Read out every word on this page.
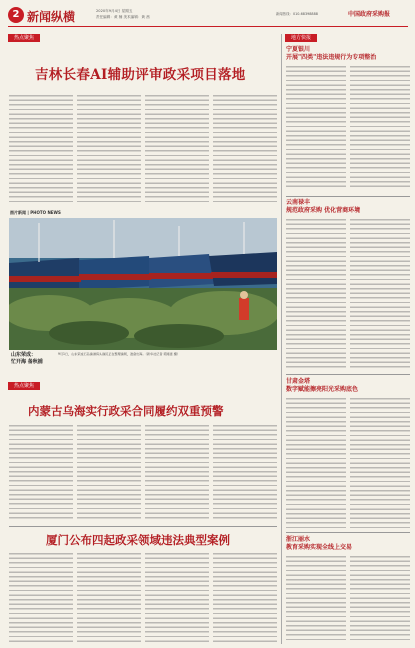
2 新闻纵横	2020年9月4日 星期五
责任编辑：黄 楠 美术编辑：黄 茜
新闻热线：010-68398888	中国政府采购报
热点聚焦
吉林长春AI辅助评审政采项目落地
图片新闻 | PHOTO NEWS
山东荣成：
忙开海 备秋捕
9月1日，山东荣成石岛渔港码头渔民正在整理渔网，准备出海。（新华社记者 郭绪雷 摄）
热点聚焦
内蒙古乌海实行政采合同履约双重预警
厦门公布四起政采领域违法典型案例
地方快报
宁夏银川
开展"四类"违法违规行为专项整治
云南禄丰
规范政府采购 优化营商环境
甘肃金塔
数字赋能擦亮阳光采购底色
浙江丽水
教育采购实现全线上交易
